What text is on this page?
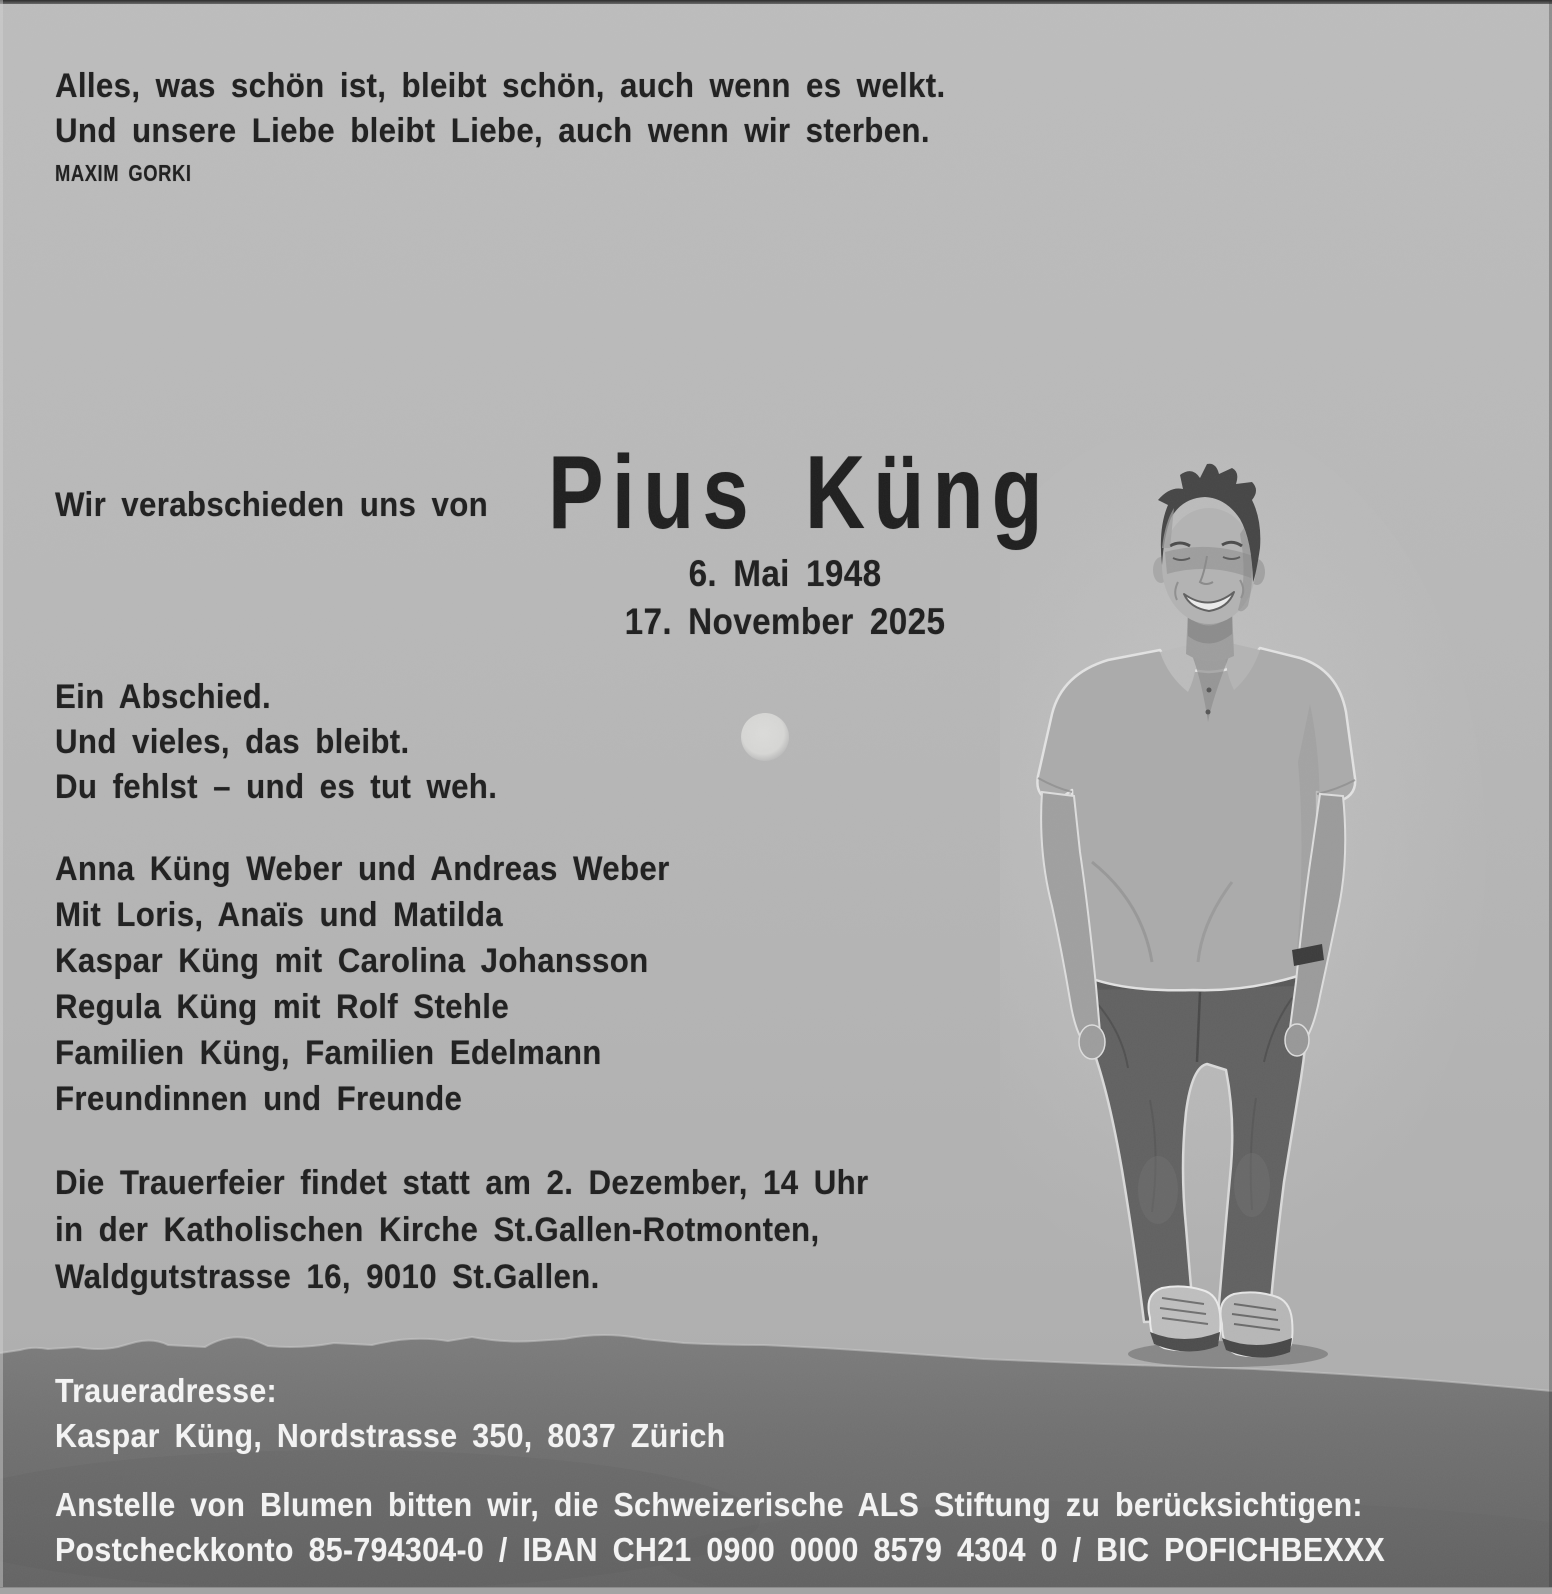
Alles, was schön ist, bleibt schön, auch wenn es welkt.
Und unsere Liebe bleibt Liebe, auch wenn wir sterben.
MAXIM GORKI
Wir verabschieden uns von Pius Küng
6. Mai 1948
17. November 2025
Ein Abschied.
Und vieles, das bleibt.
Du fehlst – und es tut weh.
Anna Küng Weber und Andreas Weber
Mit Loris, Anaïs und Matilda
Kaspar Küng mit Carolina Johansson
Regula Küng mit Rolf Stehle
Familien Küng, Familien Edelmann
Freundinnen und Freunde
Die Trauerfeier findet statt am 2. Dezember, 14 Uhr
in der Katholischen Kirche St.Gallen-Rotmonten,
Waldgutstrasse 16, 9010 St.Gallen.
Traueradresse:
Kaspar Küng, Nordstrasse 350, 8037 Zürich
Anstelle von Blumen bitten wir, die Schweizerische ALS Stiftung zu berücksichtigen:
Postcheckkonto 85-794304-0 / IBAN CH21 0900 0000 8579 4304 0 / BIC POFICHBEXXX
